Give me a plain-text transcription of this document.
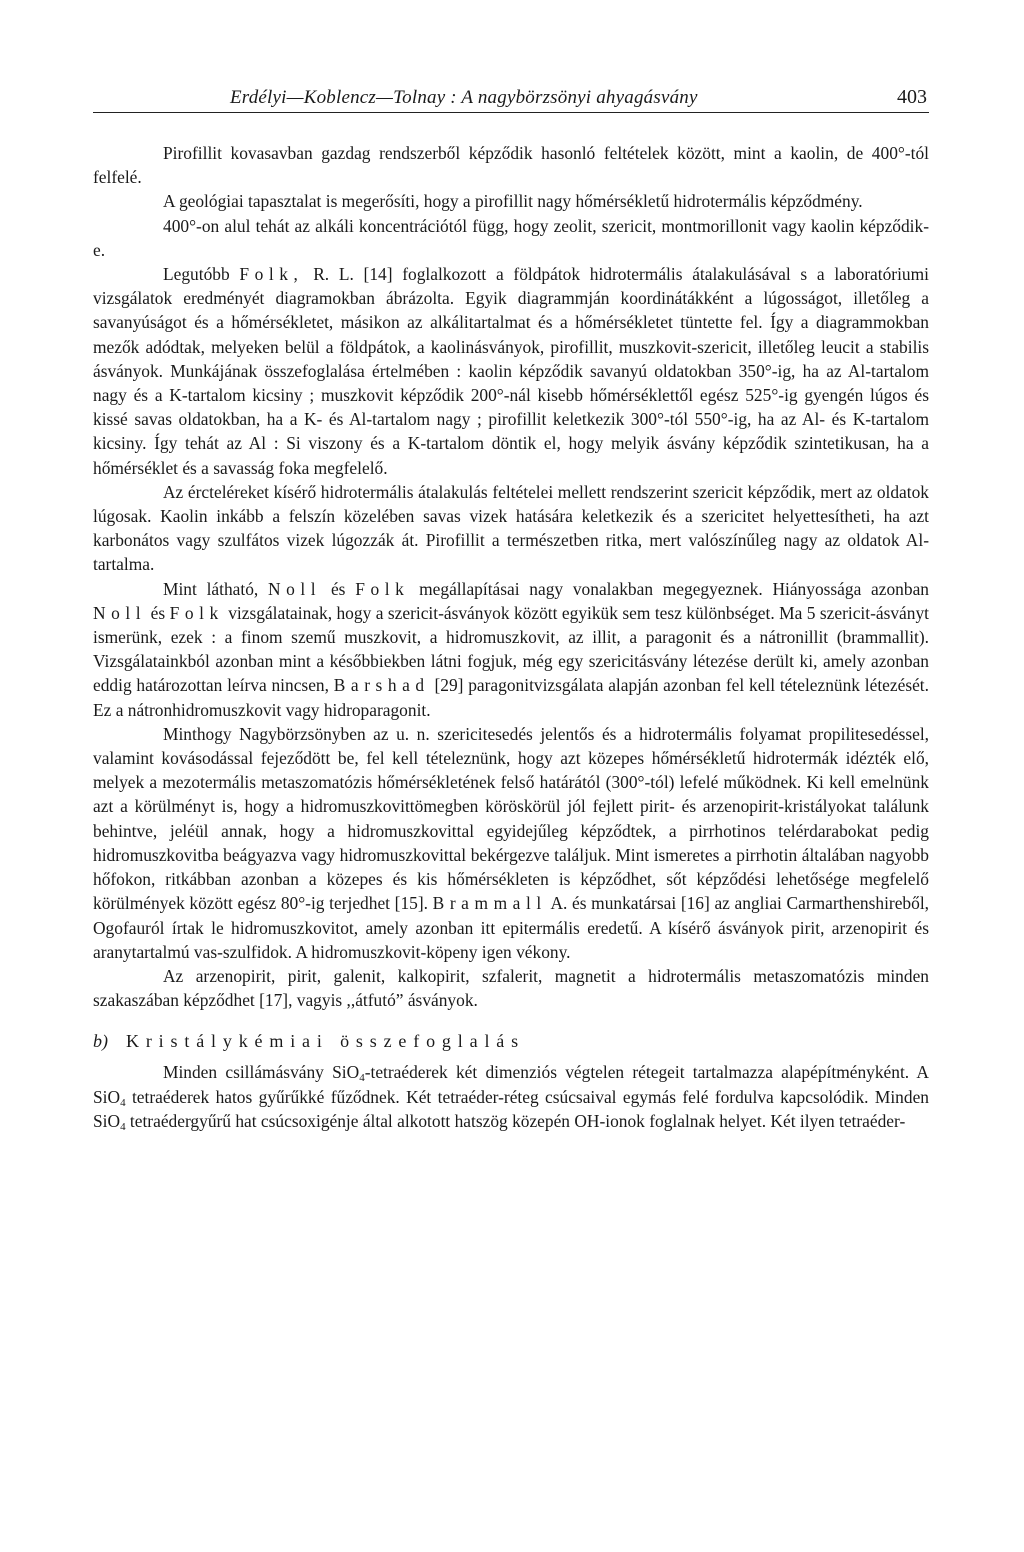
Erdélyi—Koblencz—Tolnay : A nagybörzsönyi ahyagásvány	403

Pirofillit kovasavban gazdag rendszerből képződik hasonló feltételek között, mint a kaolin, de 400°-tól felfelé.

A geológiai tapasztalat is megerősíti, hogy a pirofillit nagy hőmérsékletű hidrotermális képződmény.

400°-on alul tehát az alkáli koncentrációtól függ, hogy zeolit, szericit, montmorillonit vagy kaolin képződik-e.

Legutóbb Folk, R. L. [14] foglalkozott a földpátok hidrotermális átalakulásával s a laboratóriumi vizsgálatok eredményét diagramokban ábrázolta. Egyik diagrammján koordinátákként a lúgosságot, illetőleg a savanyúságot és a hőmérsékletet, másikon az alkálitartalmat és a hőmérsékletet tüntette fel. Így a diagrammokban mezők adódtak, melyeken belül a földpátok, a kaolinásványok, pirofillit, muszkovit-szericit, illetőleg leucit a stabilis ásványok. Munkájának összefoglalása értelmében : kaolin képződik savanyú oldatokban 350°-ig, ha az Al-tartalom nagy és a K-tartalom kicsiny ; muszkovit képződik 200°-nál kisebb hőmérséklettől egész 525°-ig gyengén lúgos és kissé savas oldatokban, ha a K- és Al-tartalom nagy ; pirofillit keletkezik 300°-tól 550°-ig, ha az Al- és K-tartalom kicsiny. Így tehát az Al : Si viszony és a K-tartalom döntik el, hogy melyik ásvány képződik szintetikusan, ha a hőmérséklet és a savasság foka megfelelő.

Az ércteléreket kísérő hidrotermális átalakulás feltételei mellett rendszerint szericit képződik, mert az oldatok lúgosak. Kaolin inkább a felszín közelében savas vizek hatására keletkezik és a szericitet helyettesítheti, ha azt karbonátos vagy szulfátos vizek lúgozzák át. Pirofillit a természetben ritka, mert valószínűleg nagy az oldatok Al-tartalma.

Mint látható, Noll és Folk megállapításai nagy vonalakban megegyeznek. Hiányossága azonban Noll és Folk vizsgálatainak, hogy a szericit-ásványok között egyikük sem tesz különbséget. Ma 5 szericit-ásványt ismerünk, ezek : a finom szemű muszkovit, a hidromuszkovit, az illit, a paragonit és a nátronillit (brammallit). Vizsgálatainkból azonban mint a későbbiekben látni fogjuk, még egy szericitásvány létezése derült ki, amely azonban eddig határozottan leírva nincsen, Barshad [29] paragonitvizsgálata alapján azonban fel kell tételeznünk létezését. Ez a nátronhidromuszkovit vagy hidroparagonit.

Minthogy Nagybörzsönyben az u. n. szericitesedés jelentős és a hidrotermális folyamat propilitesedéssel, valamint kovásodással fejeződött be, fel kell tételeznünk, hogy azt közepes hőmérsékletű hidrotermák idézték elő, melyek a mezotermális metaszomatózis hőmérsékletének felső határától (300°-tól) lefelé működnek. Ki kell emelnünk azt a körülményt is, hogy a hidromuszkovittömegben köröskörül jól fejlett pirit- és arzenopirit-kristályokat találunk behintve, jeléül annak, hogy a hidromuszkovittal egyidejűleg képződtek, a pirrhotinos telérdarabokat pedig hidromuszkovitba beágyazva vagy hidromuszkovittal bekérgezve találjuk. Mint ismeretes a pirrhotin általában nagyobb hőfokon, ritkábban azonban a közepes és kis hőmérsékleten is képződhet, sőt képződési lehetősége megfelelő körülmények között egész 80°-ig terjedhet [15]. Brammall A. és munkatársai [16] az angliai Carmarthenshireből, Ogofauról írtak le hidromuszkovitot, amely azonban itt epitermális eredetű. A kísérő ásványok pirit, arzenopirit és aranytartalmú vas-szulfidok. A hidromuszkovit-köpeny igen vékony.

Az arzenopirit, pirit, galenit, kalkopirit, szfalerit, magnetit a hidrotermális metaszomatózis minden szakaszában képződhet [17], vagyis ,,átfutó” ásványok.

b) Kristálykémiai összefoglalás

Minden csillámásvány SiO$_4$-tetraéderek két dimenziós végtelen rétegeit tartalmazza alapépítményként. A SiO$_4$ tetraéderek hatos gyűrűkké fűződnek. Két tetraéder-réteg csúcsaival egymás felé fordulva kapcsolódik. Minden SiO$_4$ tetraédergyűrű hat csúcsoxigénje által alkotott hatszög közepén OH-ionok foglalnak helyet. Két ilyen tetraéder-
